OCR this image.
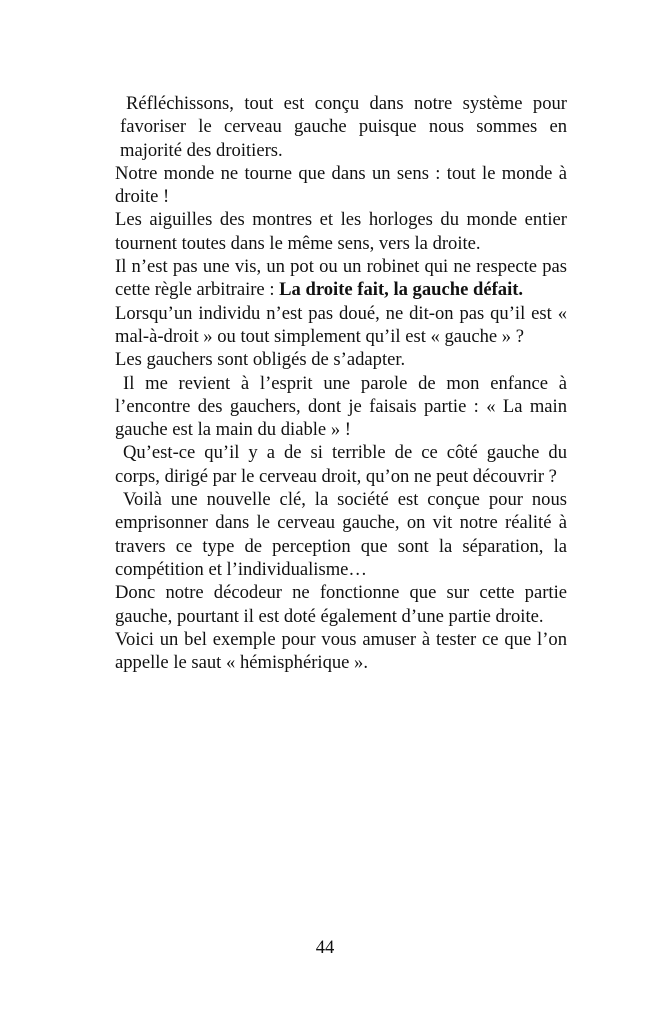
Réfléchissons, tout est conçu dans notre système pour favoriser le cerveau gauche puisque nous sommes en majorité des droitiers.

Notre monde ne tourne que dans un sens : tout le monde à droite !

Les aiguilles des montres et les horloges du monde entier tournent toutes dans le même sens, vers la droite.

Il n’est pas une vis, un pot ou un robinet qui ne respecte pas cette règle arbitraire : La droite fait, la gauche défait.

Lorsqu’un individu n’est pas doué, ne dit-on pas qu’il est « mal-à-droit » ou tout simplement qu’il est « gauche » ?

Les gauchers sont obligés de s’adapter.

Il me revient à l’esprit une parole de mon enfance à l’encontre des gauchers, dont je faisais partie : « La main gauche est la main du diable » !

Qu’est-ce qu’il y a de si terrible de ce côté gauche du corps, dirigé par le cerveau droit, qu’on ne peut découvrir ?

Voilà une nouvelle clé, la société est conçue pour nous emprisonner dans le cerveau gauche, on vit notre réalité à travers ce type de perception que sont la séparation, la compétition et l’individualisme…

Donc notre décodeur ne fonctionne que sur cette partie gauche, pourtant il est doté également d’une partie droite.

Voici un bel exemple pour vous amuser à tester ce que l’on appelle le saut « hémisphérique ».

44
